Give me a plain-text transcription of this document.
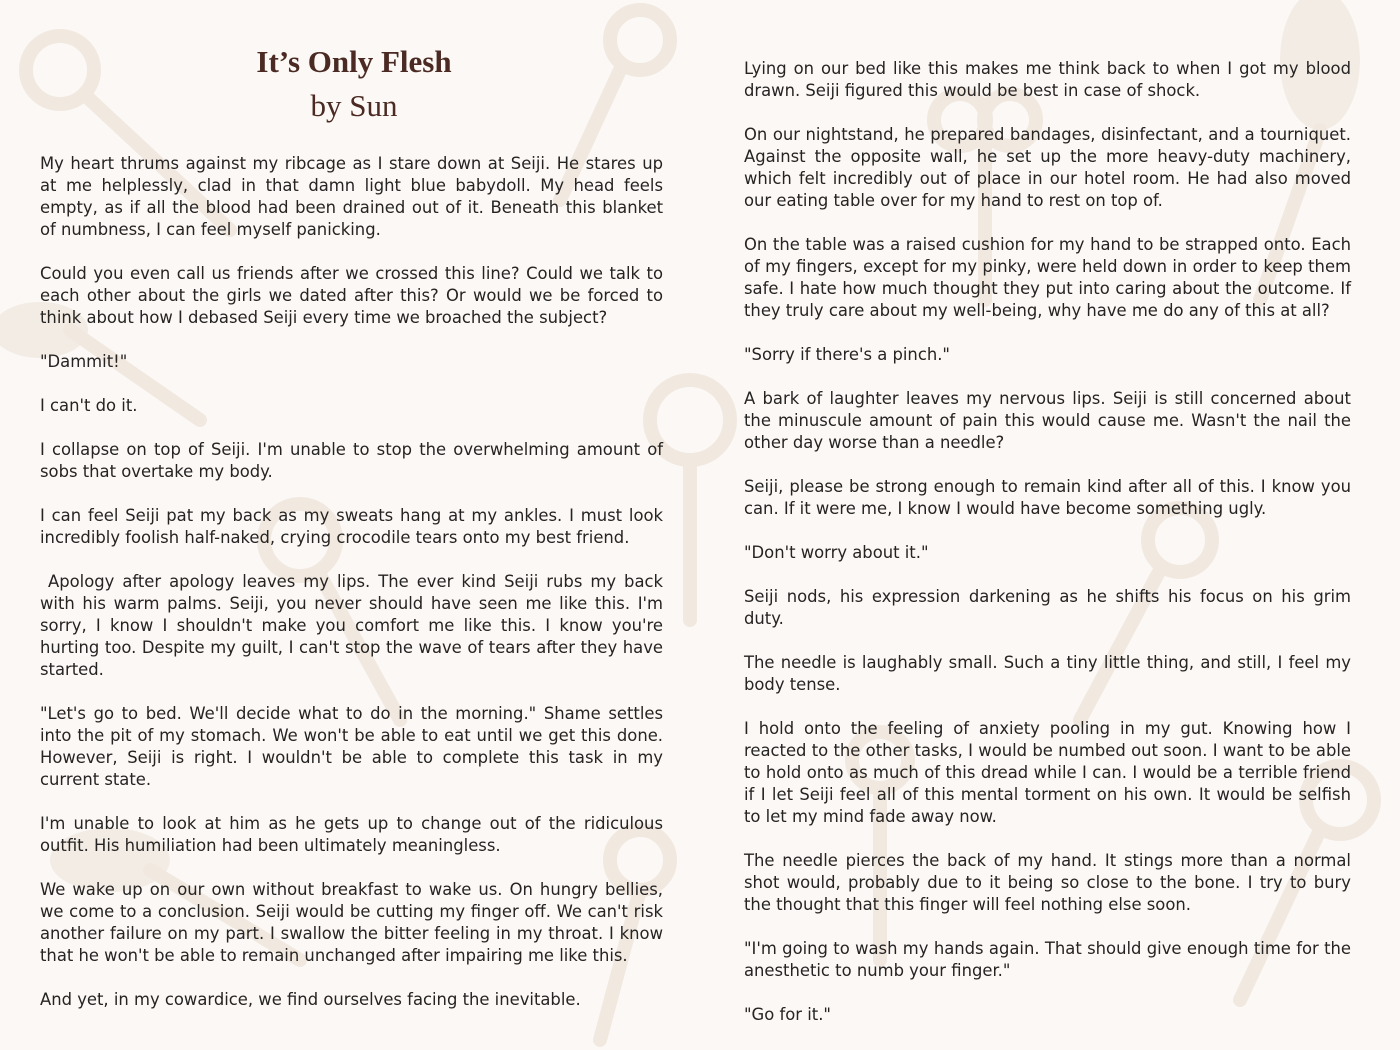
It’s Only Flesh
by Sun

My heart thrums against my ribcage as I stare down at Seiji. He stares up at me helplessly, clad in that damn light blue babydoll. My head feels empty, as if all the blood had been drained out of it. Beneath this blanket of numbness, I can feel myself panicking.

Could you even call us friends after we crossed this line? Could we talk to each other about the girls we dated after this? Or would we be forced to think about how I debased Seiji every time we broached the subject?

"Dammit!"

I can't do it.

I collapse on top of Seiji. I'm unable to stop the overwhelming amount of sobs that overtake my body.

I can feel Seiji pat my back as my sweats hang at my ankles. I must look incredibly foolish half-naked, crying crocodile tears onto my best friend.

Apology after apology leaves my lips. The ever kind Seiji rubs my back with his warm palms. Seiji, you never should have seen me like this. I'm sorry, I know I shouldn't make you comfort me like this. I know you're hurting too. Despite my guilt, I can't stop the wave of tears after they have started.

"Let's go to bed. We'll decide what to do in the morning." Shame settles into the pit of my stomach. We won't be able to eat until we get this done. However, Seiji is right. I wouldn't be able to complete this task in my current state.

I'm unable to look at him as he gets up to change out of the ridiculous outfit. His humiliation had been ultimately meaningless.

We wake up on our own without breakfast to wake us. On hungry bellies, we come to a conclusion. Seiji would be cutting my finger off. We can't risk another failure on my part. I swallow the bitter feeling in my throat. I know that he won't be able to remain unchanged after impairing me like this.

And yet, in my cowardice, we find ourselves facing the inevitable.

Lying on our bed like this makes me think back to when I got my blood drawn. Seiji figured this would be best in case of shock.

On our nightstand, he prepared bandages, disinfectant, and a tourniquet. Against the opposite wall, he set up the more heavy-duty machinery, which felt incredibly out of place in our hotel room. He had also moved our eating table over for my hand to rest on top of.

On the table was a raised cushion for my hand to be strapped onto. Each of my fingers, except for my pinky, were held down in order to keep them safe. I hate how much thought they put into caring about the outcome. If they truly care about my well-being, why have me do any of this at all?

"Sorry if there's a pinch."

A bark of laughter leaves my nervous lips. Seiji is still concerned about the minuscule amount of pain this would cause me. Wasn't the nail the other day worse than a needle?

Seiji, please be strong enough to remain kind after all of this. I know you can. If it were me, I know I would have become something ugly.

"Don't worry about it."

Seiji nods, his expression darkening as he shifts his focus on his grim duty.

The needle is laughably small. Such a tiny little thing, and still, I feel my body tense.

I hold onto the feeling of anxiety pooling in my gut. Knowing how I reacted to the other tasks, I would be numbed out soon. I want to be able to hold onto as much of this dread while I can. I would be a terrible friend if I let Seiji feel all of this mental torment on his own. It would be selfish to let my mind fade away now.

The needle pierces the back of my hand. It stings more than a normal shot would, probably due to it being so close to the bone. I try to bury the thought that this finger will feel nothing else soon.

"I'm going to wash my hands again. That should give enough time for the anesthetic to numb your finger."

"Go for it."
